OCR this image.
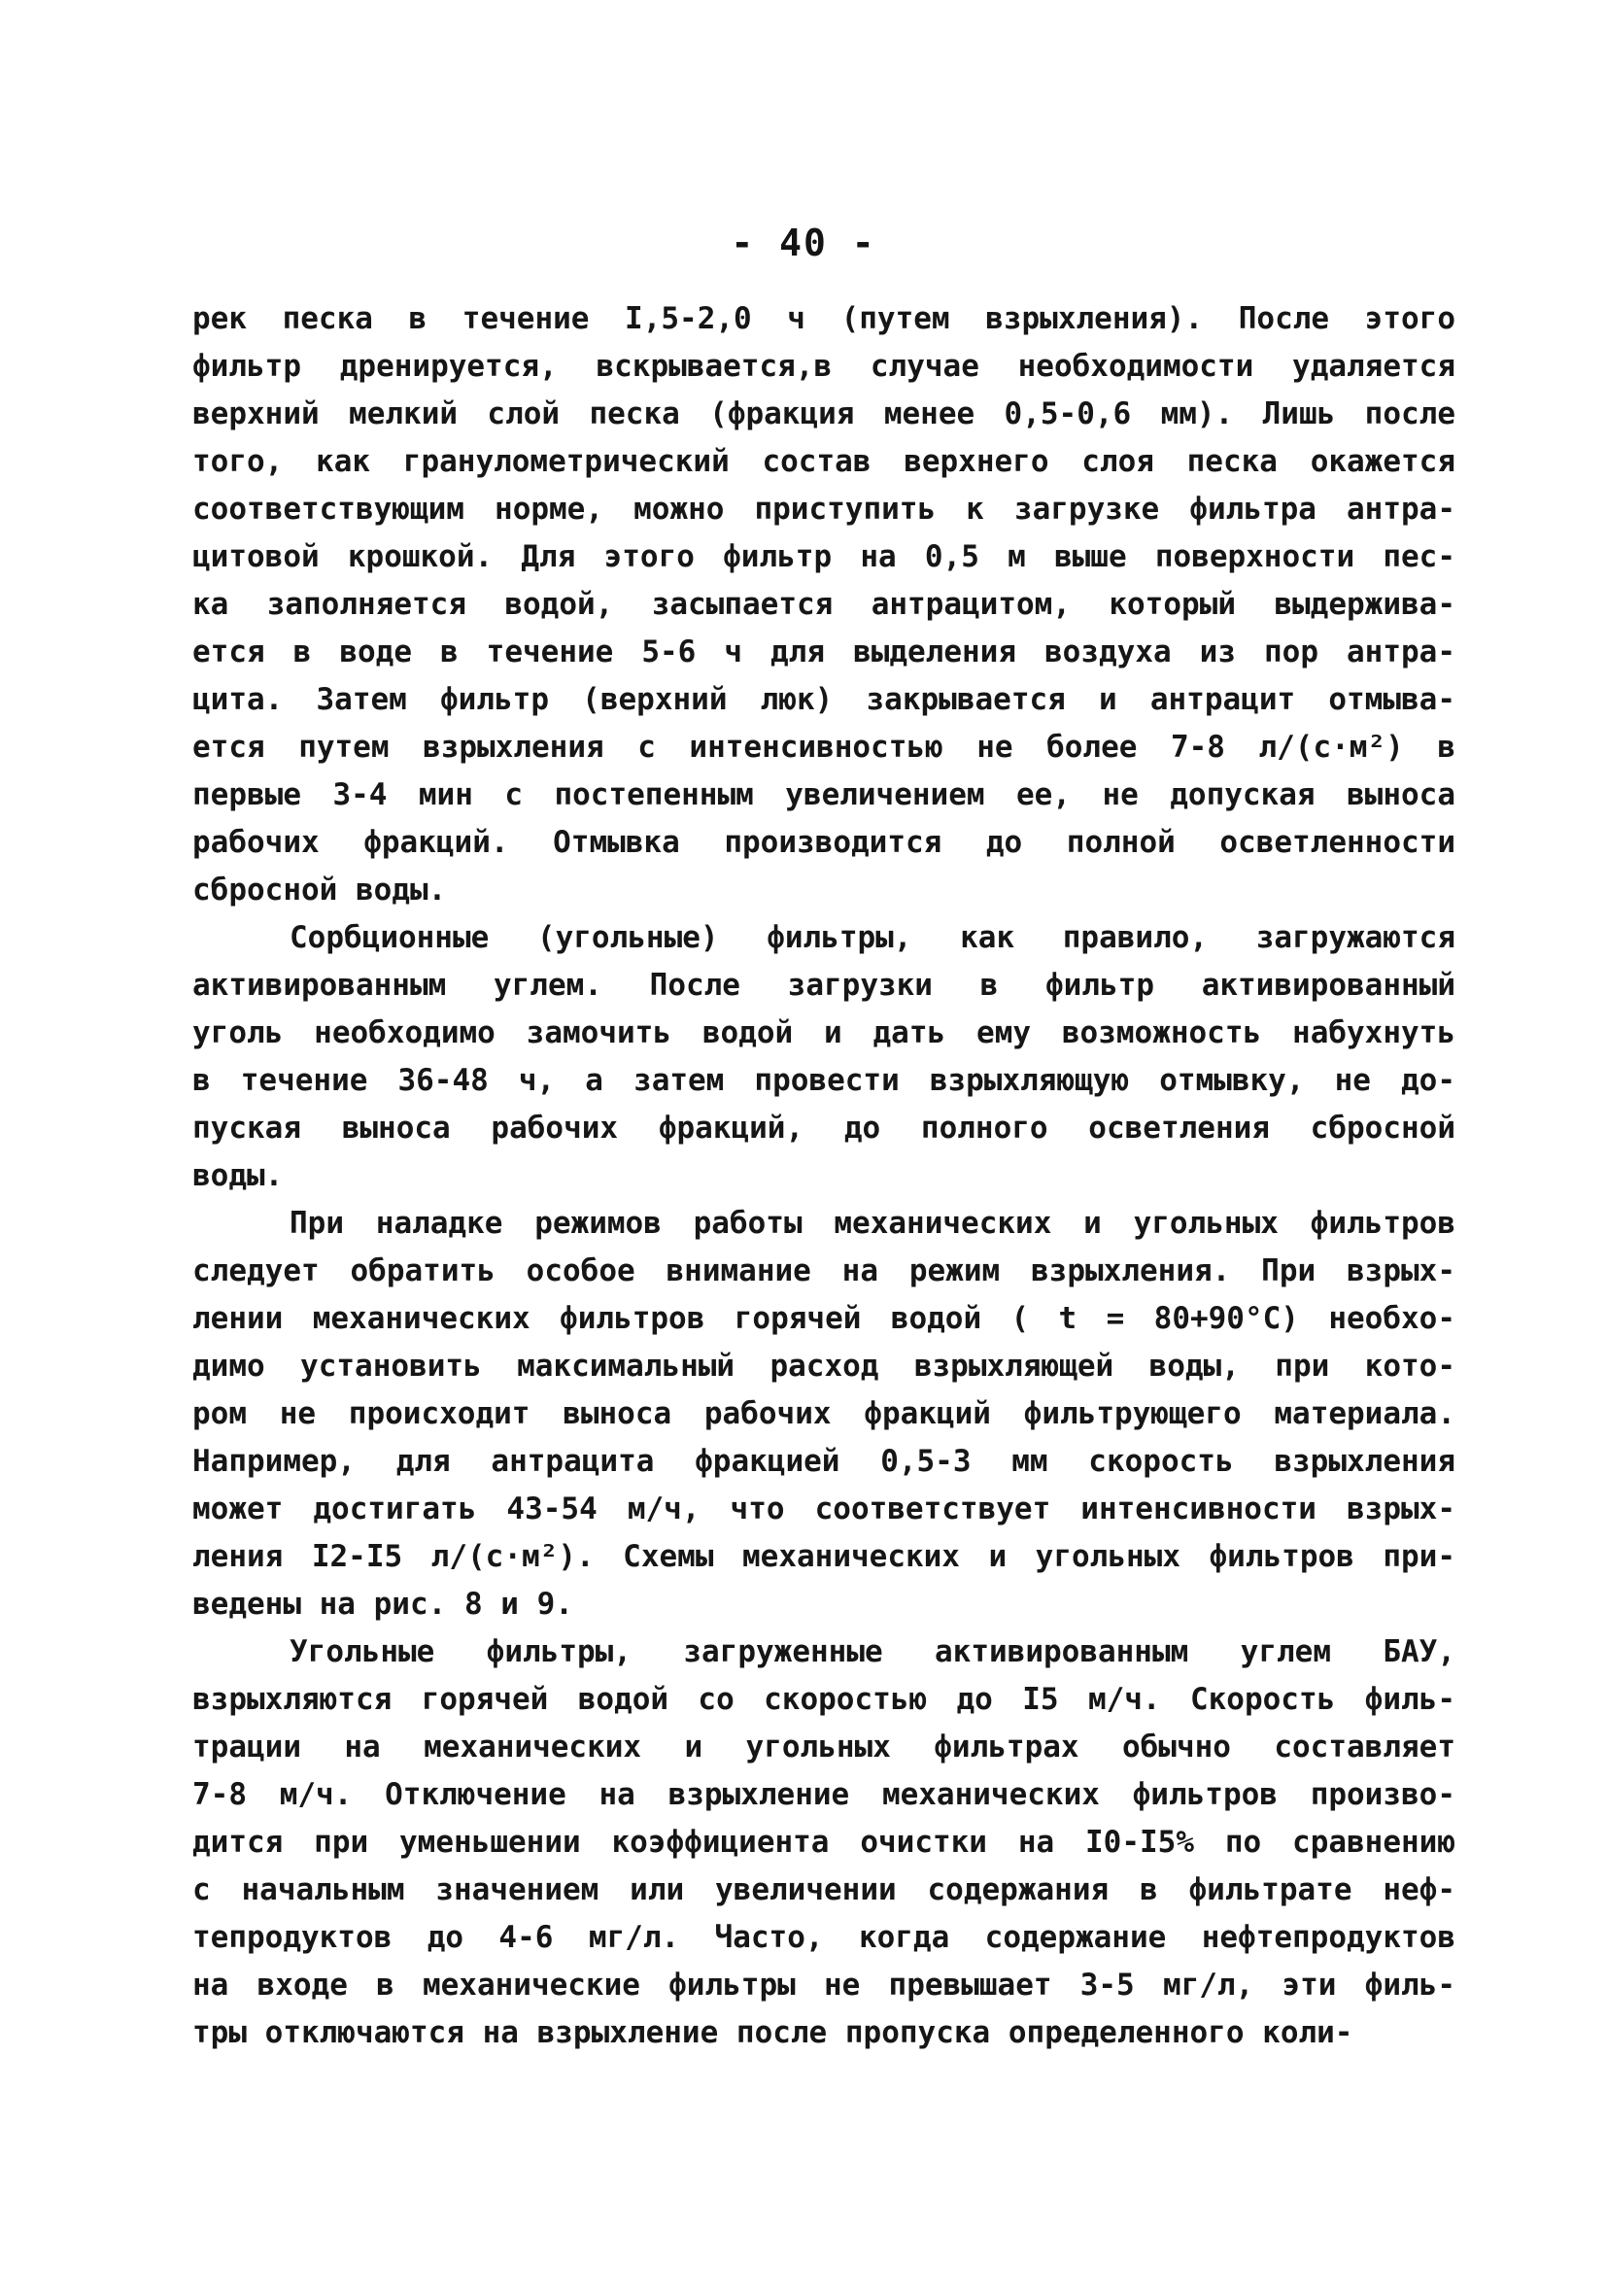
- 40 -
рек песка в течение I,5-2,0 ч (путем взрыхления). После этого
фильтр дренируется, вскрывается,в случае необходимости удаляется
верхний мелкий слой песка (фракция менее 0,5-0,6 мм). Лишь после
того, как гранулометрический состав верхнего слоя песка окажется
соответствующим норме, можно приступить к загрузке фильтра антра-
цитовой крошкой. Для этого фильтр на 0,5 м выше поверхности пес-
ка заполняется водой, засыпается антрацитом, который выдержива-
ется в воде в течение 5-6 ч для выделения воздуха из пор антра-
цита. Затем фильтр (верхний люк) закрывается и антрацит отмыва-
ется путем взрыхления с интенсивностью не более 7-8 л/(с·м²) в
первые 3-4 мин с постепенным увеличением ее, не допуская выноса
рабочих фракций. Отмывка производится до полной осветленности
сбросной воды.
Сорбционные (угольные) фильтры, как правило, загружаются
активированным углем. После загрузки в фильтр активированный
уголь необходимо замочить водой и дать ему возможность набухнуть
в течение 36-48 ч, а затем провести взрыхляющую отмывку, не до-
пуская выноса рабочих фракций, до полного осветления сбросной
воды.
При наладке режимов работы механических и угольных фильтров
следует обратить особое внимание на режим взрыхления. При взрых-
лении механических фильтров горячей водой ( t = 80+90°С) необхо-
димо установить максимальный расход взрыхляющей воды, при кото-
ром не происходит выноса рабочих фракций фильтрующего материала.
Например, для антрацита фракцией 0,5-3 мм скорость взрыхления
может достигать 43-54 м/ч, что соответствует интенсивности взрых-
ления I2-I5 л/(с·м²). Схемы механических и угольных фильтров при-
ведены на рис. 8 и 9.
Угольные фильтры, загруженные активированным углем БАУ,
взрыхляются горячей водой со скоростью до I5 м/ч. Скорость филь-
трации на механических и угольных фильтрах обычно составляет
7-8 м/ч. Отключение на взрыхление механических фильтров произво-
дится при уменьшении коэффициента очистки на I0-I5% по сравнению
с начальным значением или увеличении содержания в фильтрате неф-
тепродуктов до 4-6 мг/л. Часто, когда содержание нефтепродуктов
на входе в механические фильтры не превышает 3-5 мг/л, эти филь-
тры отключаются на взрыхление после пропуска определенного коли-
